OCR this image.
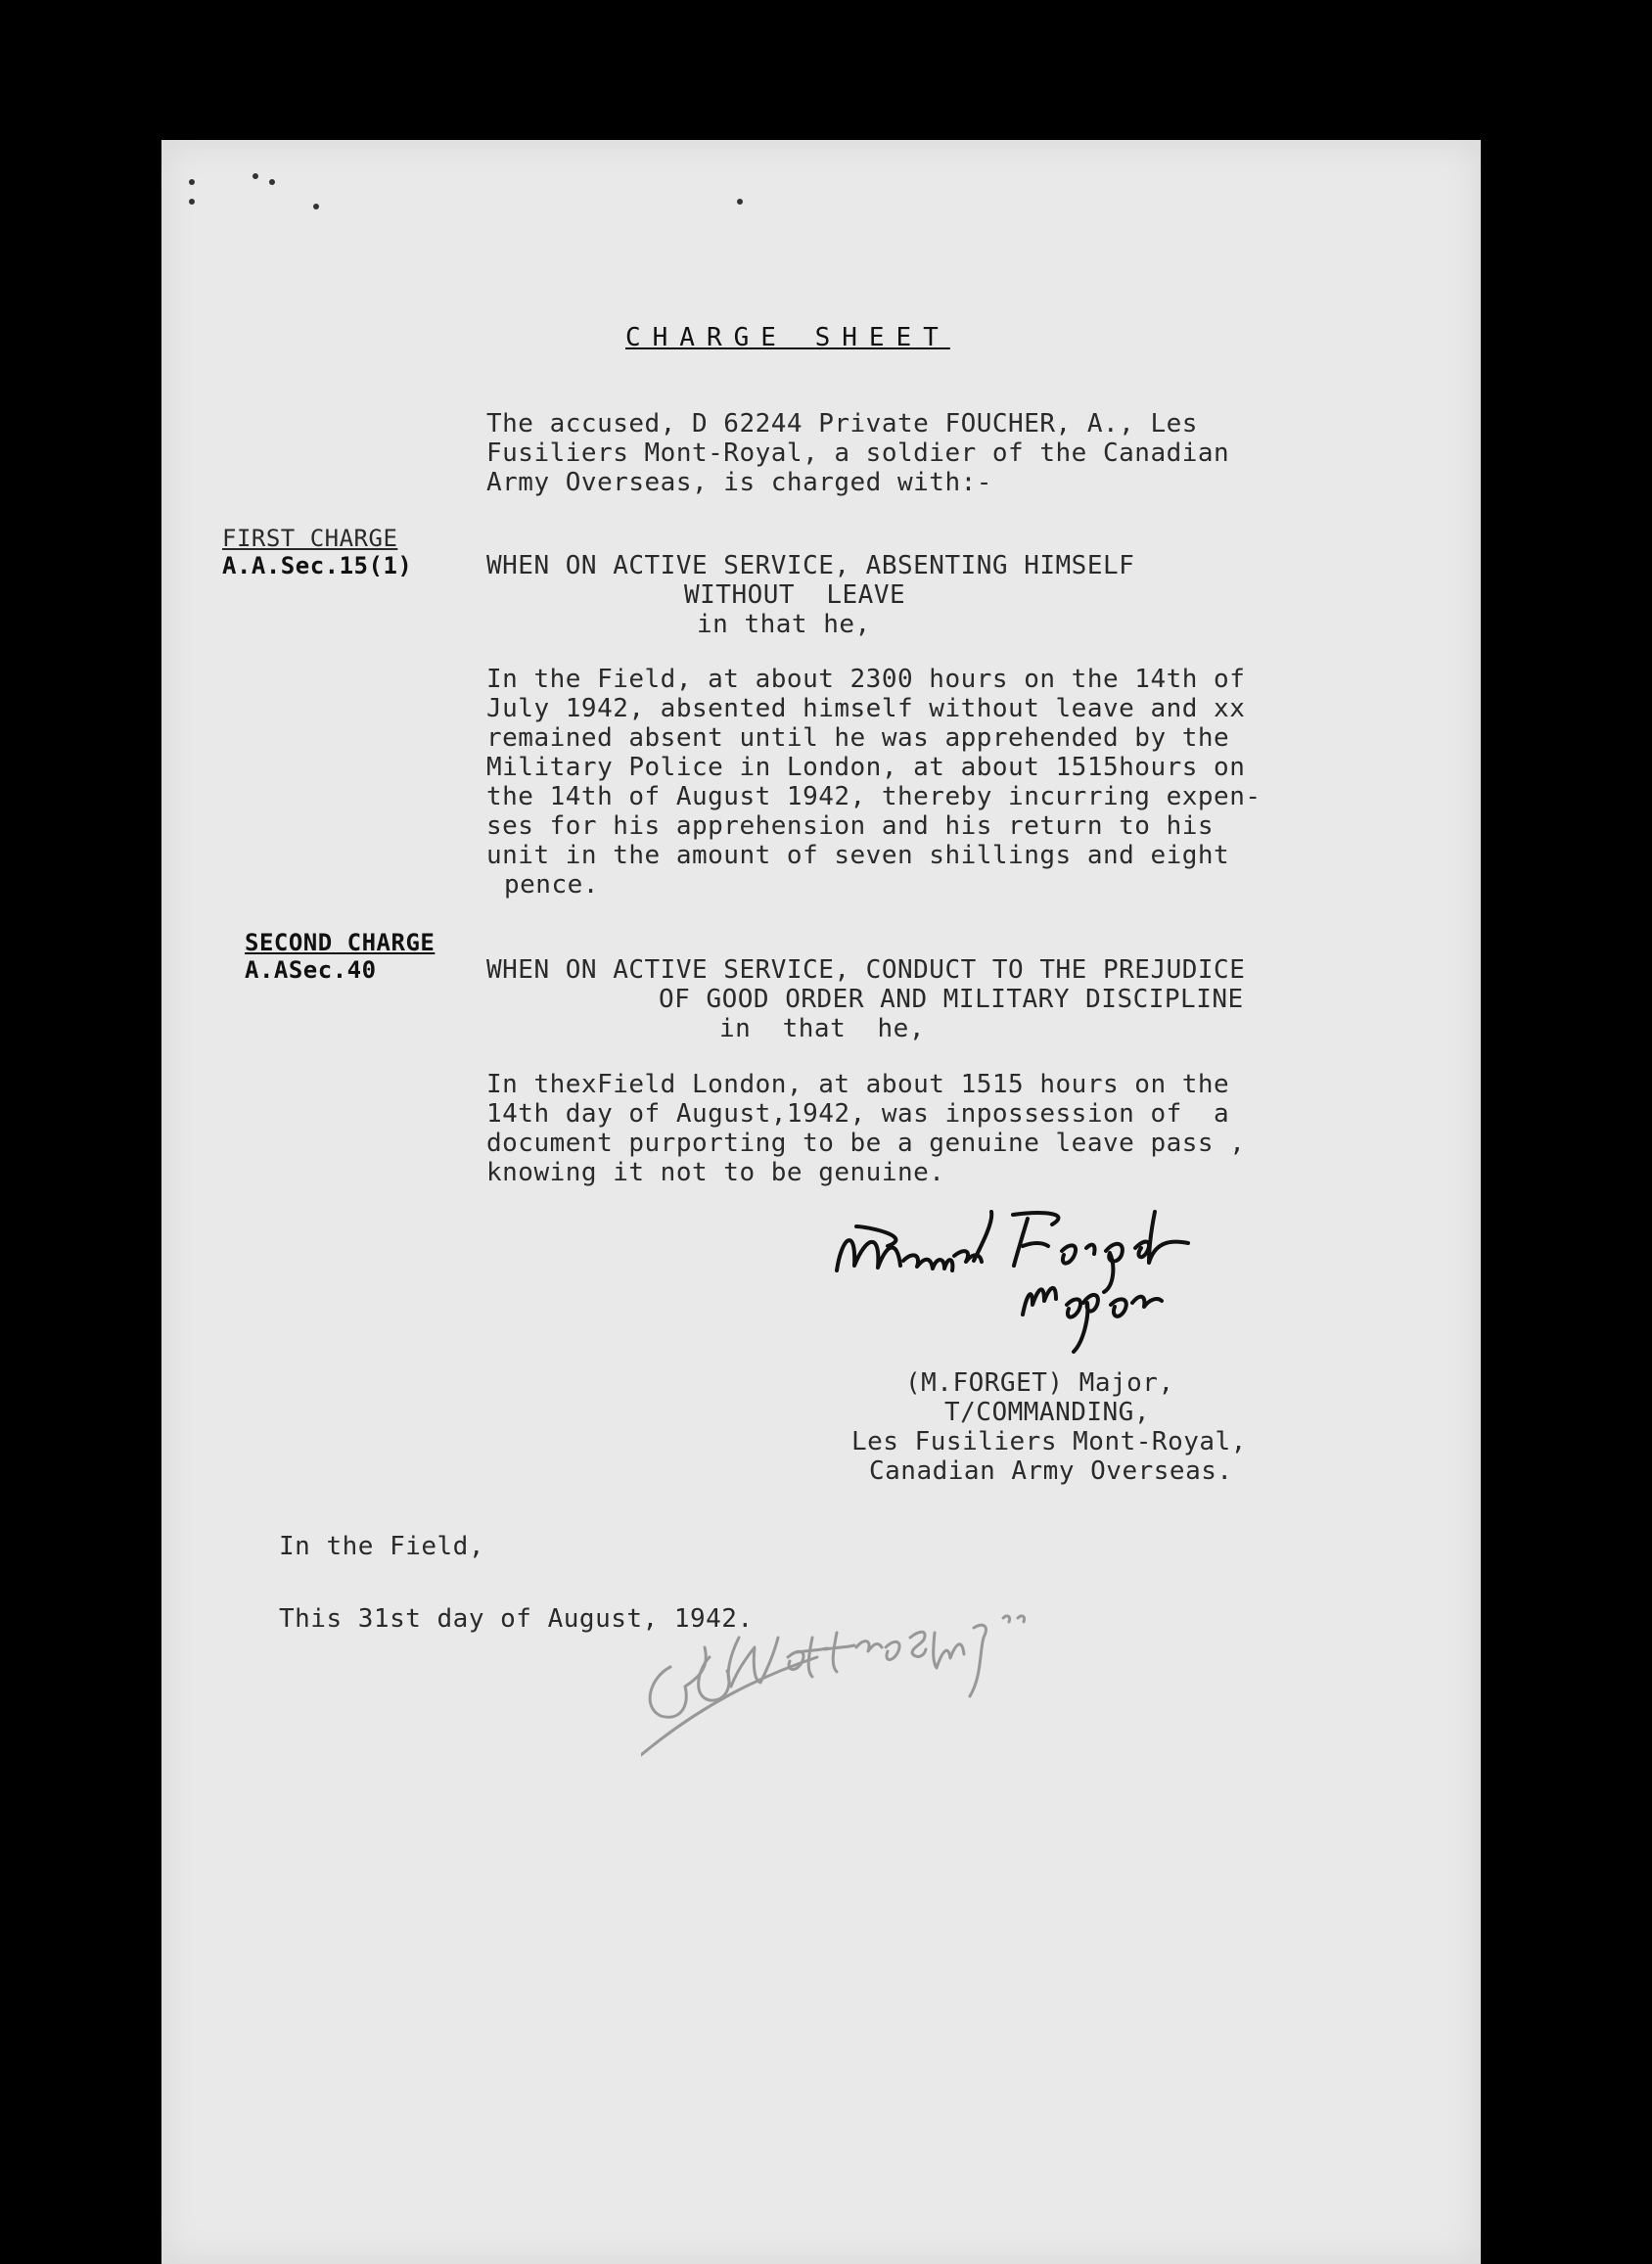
CHARGE SHEET
The accused, D 62244 Private FOUCHER, A., Les
Fusiliers Mont-Royal, a soldier of the Canadian
Army Overseas, is charged with:-
FIRST CHARGE
A.A.Sec.15(1)	WHEN ON ACTIVE SERVICE, ABSENTING HIMSELF
WITHOUT  LEAVE
in that he,
In the Field, at about 2300 hours on the 14th of
July 1942, absented himself without leave and xx
remained absent until he was apprehended by the
Military Police in London, at about 1515hours on
the 14th of August 1942, thereby incurring expen-
ses for his apprehension and his return to his
unit in the amount of seven shillings and eight
pence.
SECOND CHARGE
A.ASec.40	WHEN ON ACTIVE SERVICE, CONDUCT TO THE PREJUDICE
OF GOOD ORDER AND MILITARY DISCIPLINE
in  that  he,
In thexField London, at about 1515 hours on the
14th day of August,1942, was inpossession of  a
document purporting to be a genuine leave pass ,
knowing it not to be genuine.
(M.FORGET) Major,
T/COMMANDING,
Les Fusiliers Mont-Royal,
Canadian Army Overseas.
In the Field,
This 31st day of August, 1942.
